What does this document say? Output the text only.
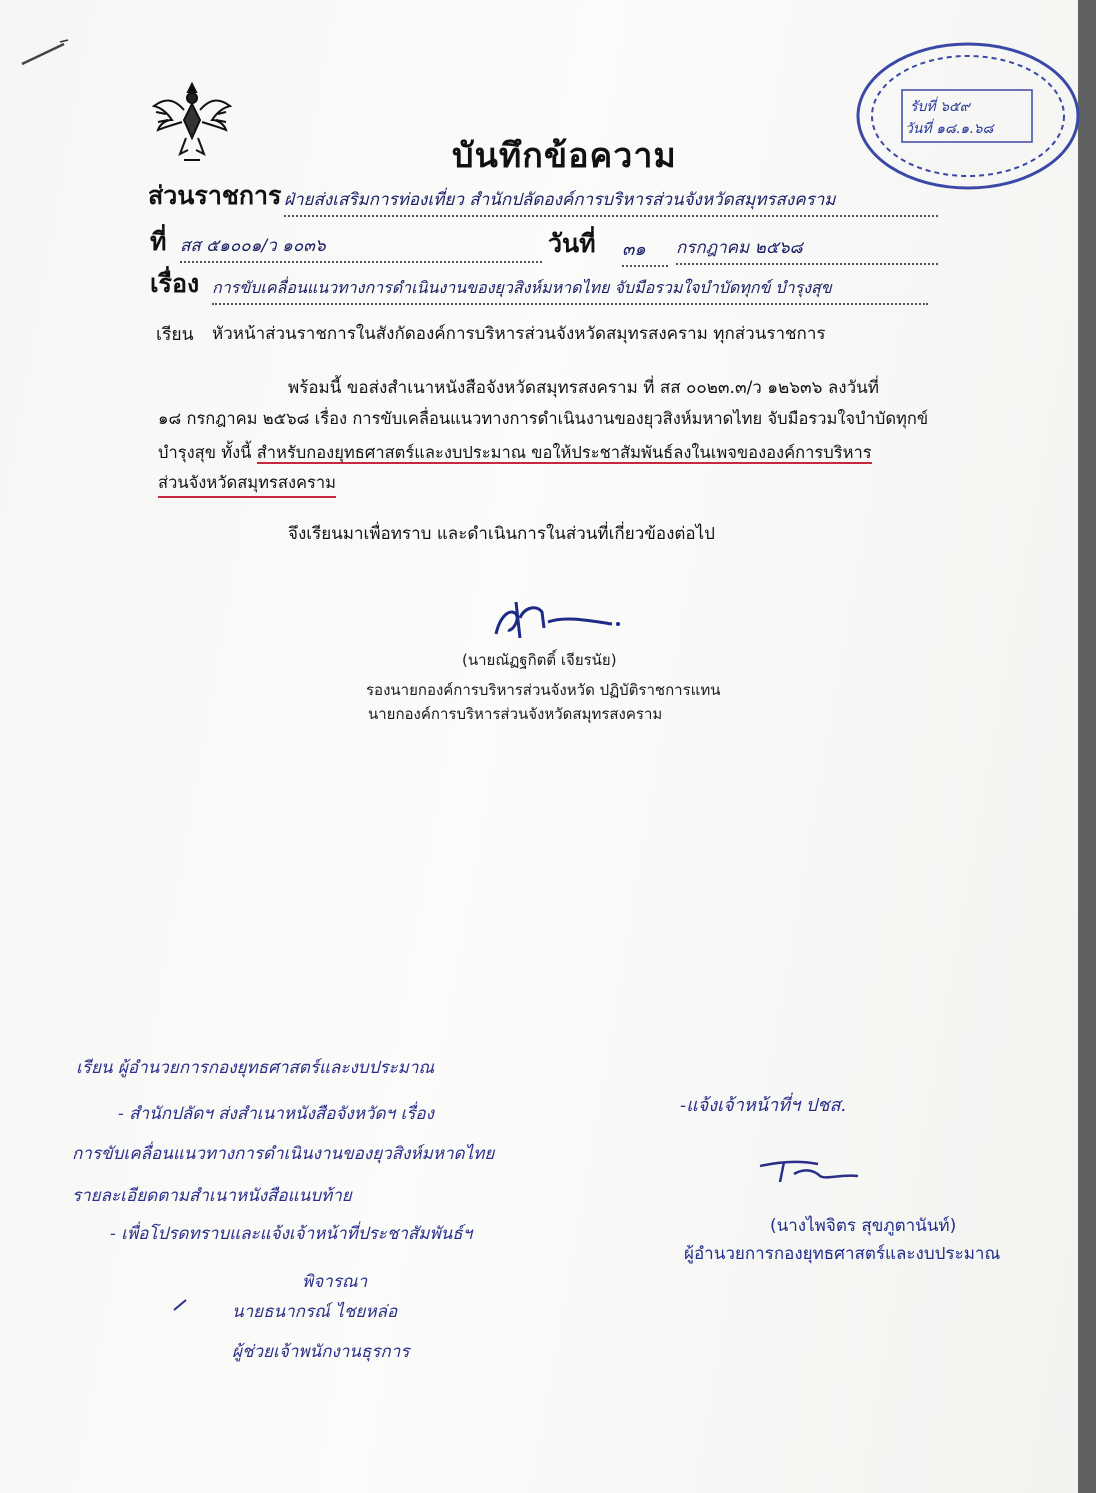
บันทึกข้อความ
รับที่ ๖๕๙
วันที่ ๑๘.๑.๖๘
ส่วนราชการ ฝ่ายส่งเสริมการท่องเที่ยว สำนักปลัดองค์การบริหารส่วนจังหวัดสมุทรสงคราม
ที่ สส ๕๑๐๐๑/ว ๑๐๓๖	วันที่ ๓๑	กรกฎาคม ๒๕๖๘
เรื่อง การขับเคลื่อนแนวทางการดำเนินงานของยุวสิงห์มหาดไทย จับมือรวมใจบำบัดทุกข์ บำรุงสุข
เรียน หัวหน้าส่วนราชการในสังกัดองค์การบริหารส่วนจังหวัดสมุทรสงคราม ทุกส่วนราชการ
พร้อมนี้ ขอส่งสำเนาหนังสือจังหวัดสมุทรสงคราม ที่ สส ๐๐๒๓.๓/ว ๑๒๖๓๖ ลงวันที่
๑๘ กรกฎาคม ๒๕๖๘ เรื่อง การขับเคลื่อนแนวทางการดำเนินงานของยุวสิงห์มหาดไทย จับมือรวมใจบำบัดทุกข์
บำรุงสุข ทั้งนี้ สำหรับกองยุทธศาสตร์และงบประมาณ ขอให้ประชาสัมพันธ์ลงในเพจขององค์การบริหาร
ส่วนจังหวัดสมุทรสงคราม
จึงเรียนมาเพื่อทราบ และดำเนินการในส่วนที่เกี่ยวข้องต่อไป
(นายณัฏฐกิตติ์ เจียรนัย)
รองนายกองค์การบริหารส่วนจังหวัด ปฏิบัติราชการแทน
นายกองค์การบริหารส่วนจังหวัดสมุทรสงคราม
เรียน ผู้อำนวยการกองยุทธศาสตร์และงบประมาณ
- สำนักปลัดฯ ส่งสำเนาหนังสือจังหวัดฯ เรื่อง
การขับเคลื่อนแนวทางการดำเนินงานของยุวสิงห์มหาดไทย
รายละเอียดตามสำเนาหนังสือแนบท้าย
- เพื่อโปรดทราบและแจ้งเจ้าหน้าที่ประชาสัมพันธ์ฯ
พิจารณา
นายธนากรณ์ ไชยหล่อ
ผู้ช่วยเจ้าพนักงานธุรการ
-แจ้งเจ้าหน้าที่ฯ ปชส.
(นางไพจิตร สุขภูตานันท์)
ผู้อำนวยการกองยุทธศาสตร์และงบประมาณ
